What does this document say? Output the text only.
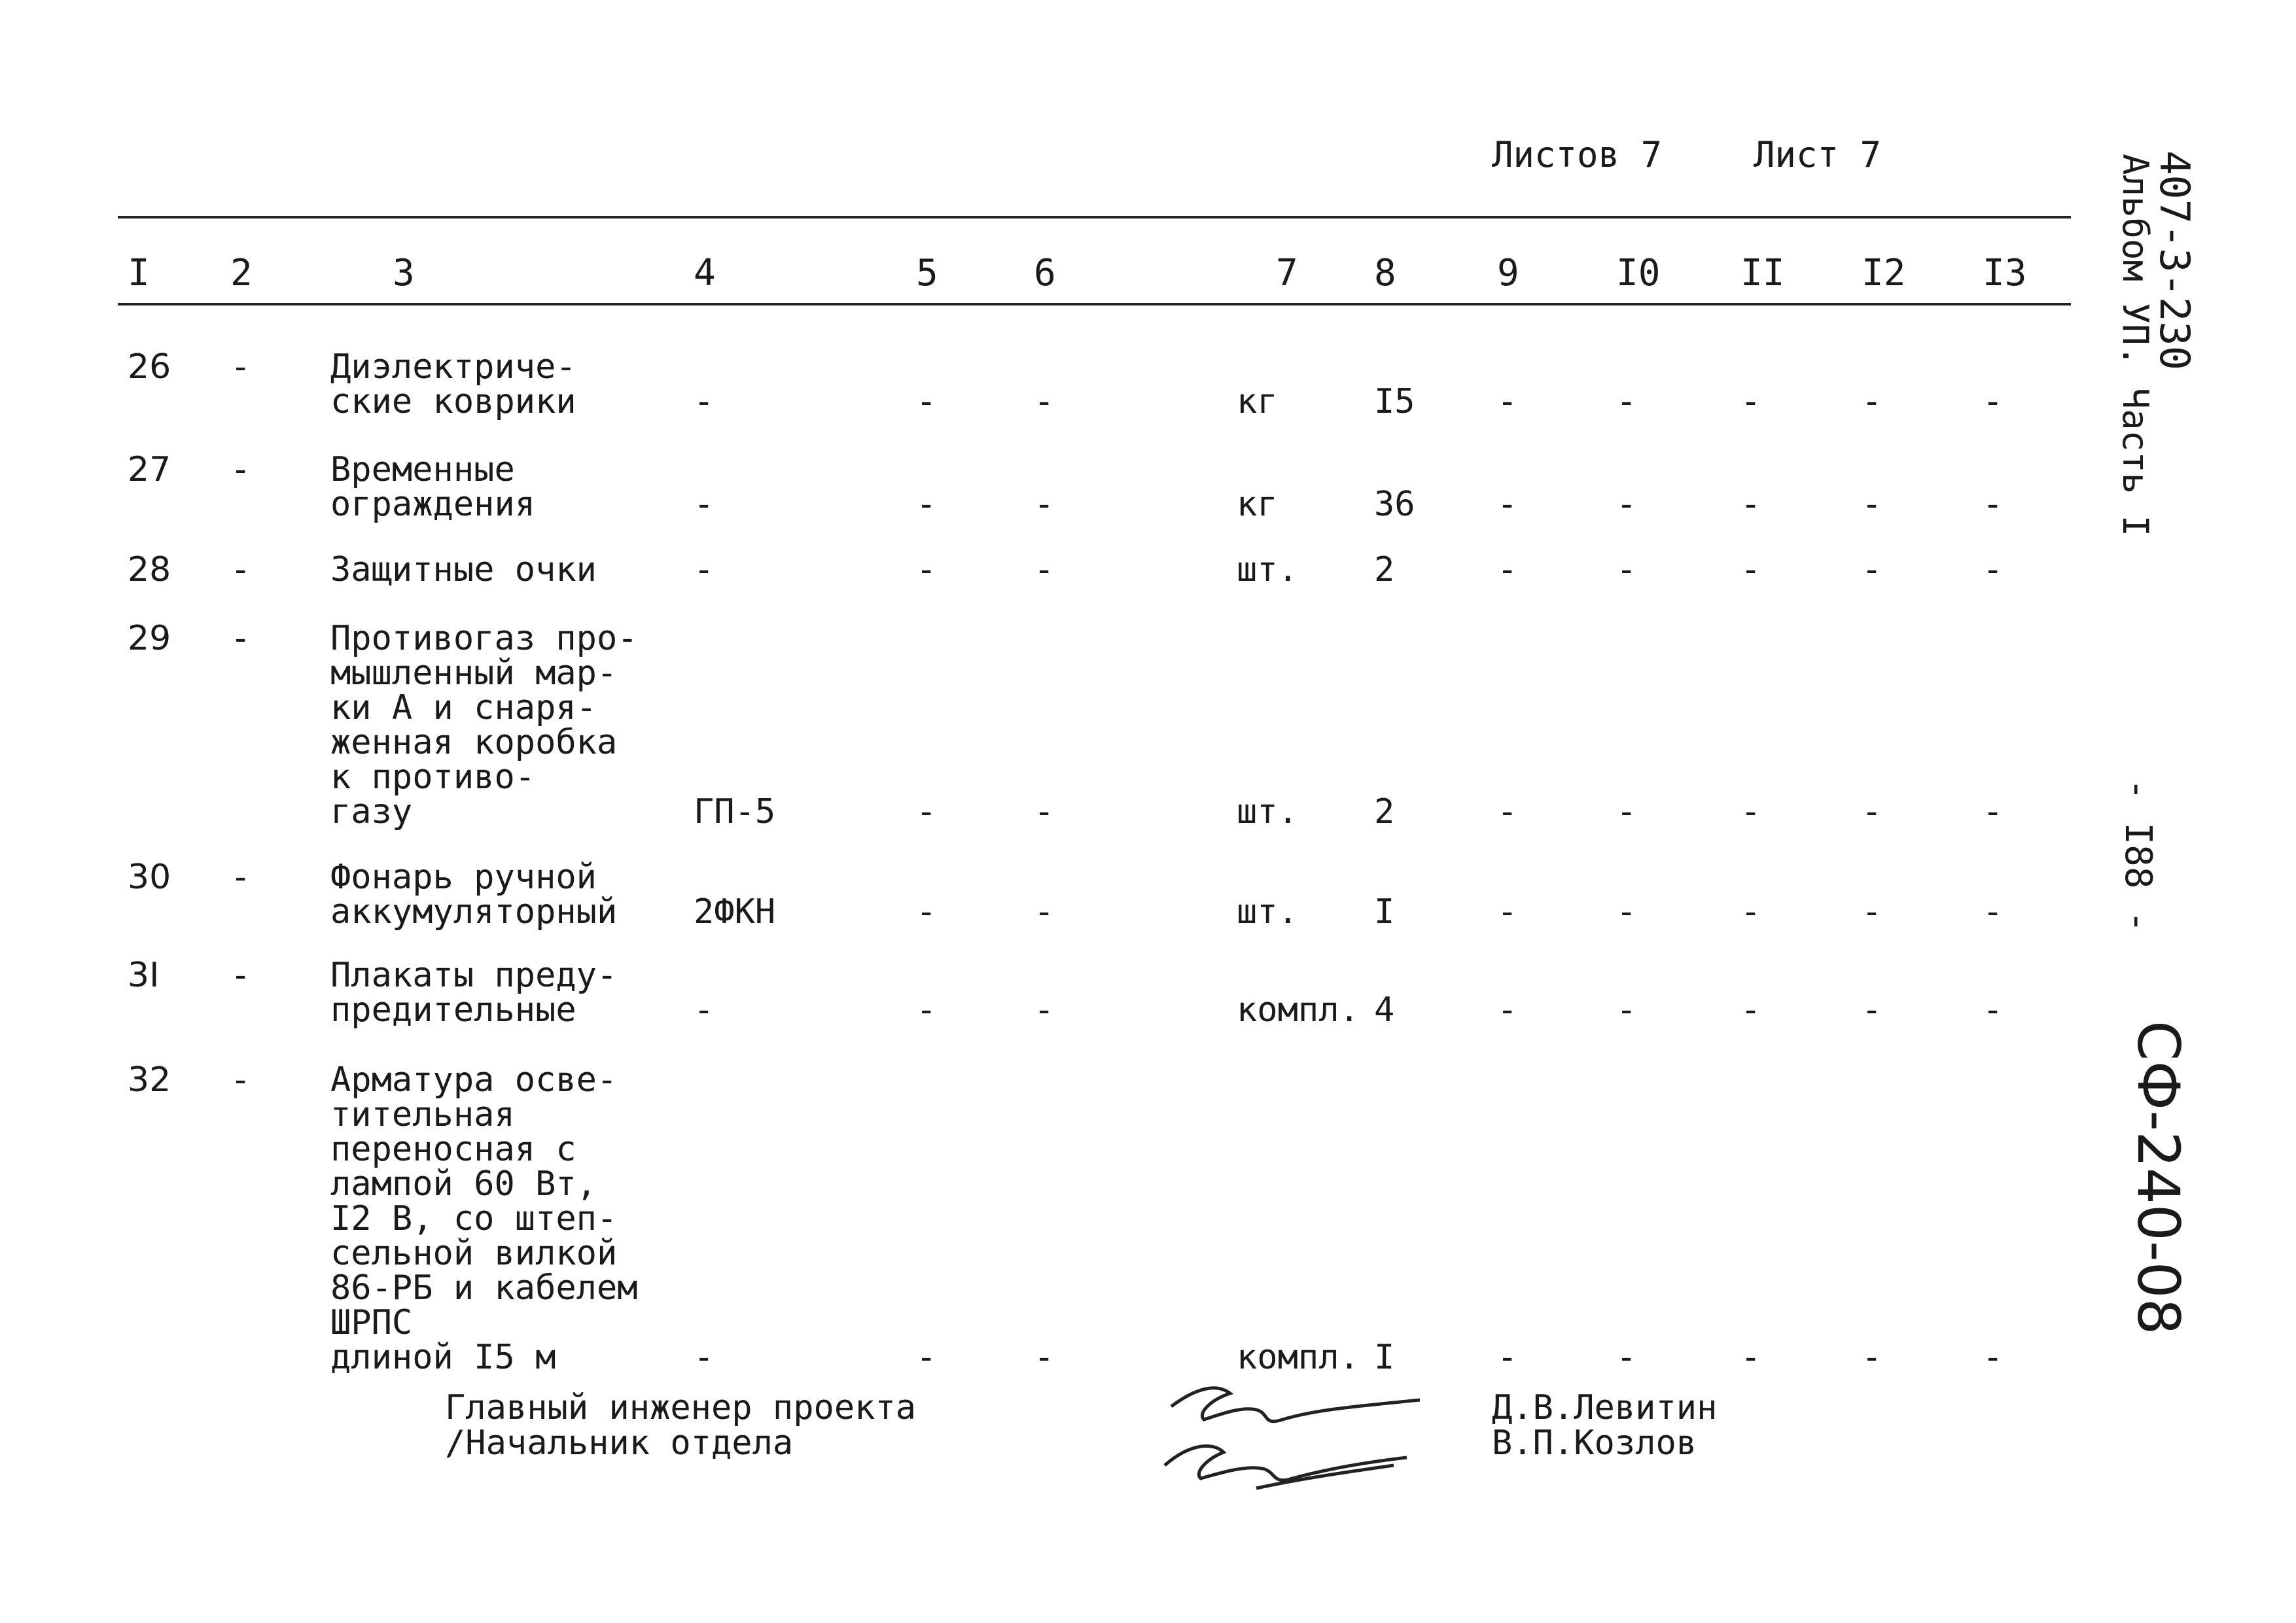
Листов 7	Лист 7	407-3-230
Альбом УП. Часть I
- I88 -
СФ-240-08
I 2	3	4	5	6	7 8	9	I0 II I2 I3
26 - Диэлектриче-
ские коврики	-	-	-	кг	I5 -	-	-	-	-
27 - Временные
ограждения	-	-	-	кг	36 -	-	-	-	-
28 - Защитные очки	-	-	-	шт. 2	-	-	-	-	-
29 - Противогаз про-
мышленный мар-
ки А и снаря-
женная коробка
к противо-
газу	ГП-5	-	-	шт. 2	-	-	-	-	-
30 - Фонарь ручной
аккумуляторный 2ФКН	-	-	шт. I	-	-	-	-	-
3I - Плакаты преду-
предительные	-	-	-	компл. 4	-	-	-	-	-
32 - Арматура осве-
тительная
переносная с
лампой 60 Вт,
I2 В, со штеп-
сельной вилкой
86-РБ и кабелем
ШРПС
длиной I5 м	-	-	-	компл. I	-	-	-	-	-
Главный инженер проекта
/Начальник отдела
Д.В.Левитин
В.П.Козлов
